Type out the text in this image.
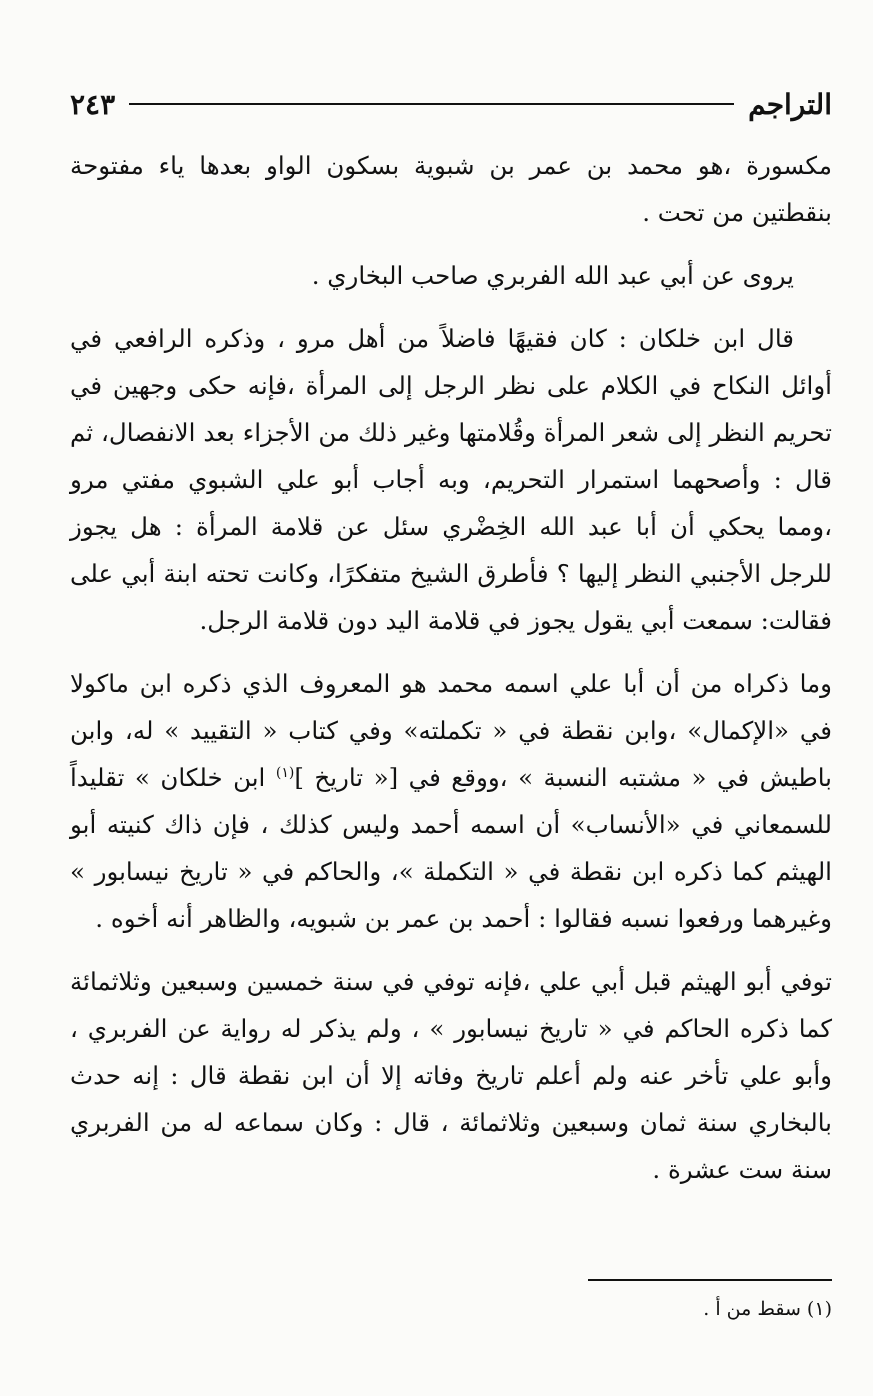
التراجم
٢٤٣

مكسورة ،هو محمد بن عمر بن شبوية بسكون الواو بعدها ياء مفتوحة بنقطتين من تحت .

يروى عن أبي عبد الله الفربري صاحب البخاري .

قال ابن خلكان : كان فقيهًا فاضلاً من أهل مرو ، وذكره الرافعي في أوائل النكاح في الكلام على نظر الرجل إلى المرأة ،فإنه حكى وجهين في تحريم النظر إلى شعر المرأة وقُلامتها وغير ذلك من الأجزاء بعد الانفصال، ثم قال : وأصحهما استمرار التحريم، وبه أجاب أبو علي الشبوي مفتي مرو ،ومما يحكي أن أبا عبد الله الخِضْري سئل عن قلامة المرأة : هل يجوز للرجل الأجنبي النظر إليها ؟ فأطرق الشيخ متفكرًا، وكانت تحته ابنة أبي على فقالت: سمعت أبي يقول يجوز في قلامة اليد دون قلامة الرجل.

وما ذكراه من أن أبا علي اسمه محمد هو المعروف الذي ذكره ابن ماكولا في «الإكمال» ،وابن نقطة في « تكملته» وفي كتاب « التقييد » له، وابن باطيش في « مشتبه النسبة » ،ووقع في [« تاريخ ]$^{(١)}$ ابن خلكان » تقليداً للسمعاني في «الأنساب» أن اسمه أحمد وليس كذلك ، فإن ذاك كنيته أبو الهيثم كما ذكره ابن نقطة في « التكملة »، والحاكم في « تاريخ نيسابور » وغيرهما ورفعوا نسبه فقالوا : أحمد بن عمر بن شبويه، والظاهر أنه أخوه .

توفي أبو الهيثم قبل أبي علي ،فإنه توفي في سنة خمسين وسبعين وثلاثمائة كما ذكره الحاكم في « تاريخ نيسابور » ، ولم يذكر له رواية عن الفربري ، وأبو علي تأخر عنه ولم أعلم تاريخ وفاته إلا أن ابن نقطة قال : إنه حدث بالبخاري سنة ثمان وسبعين وثلاثمائة ، قال : وكان سماعه له من الفربري سنة ست عشرة .

(١) سقط من أ .
